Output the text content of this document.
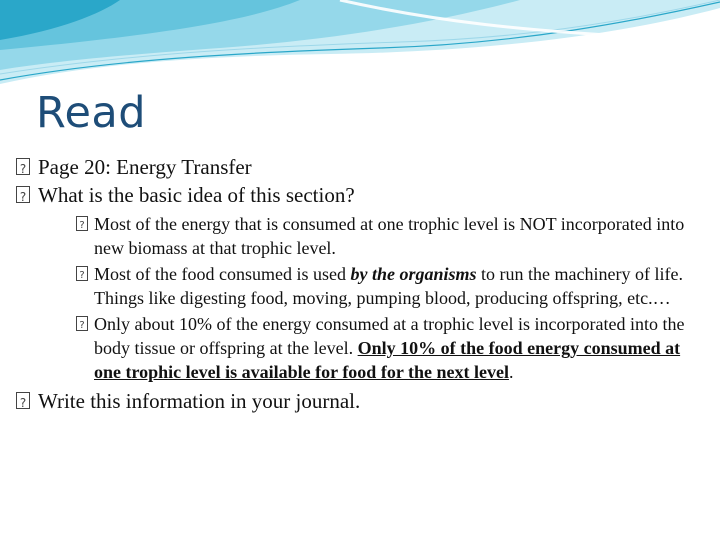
Read
?
Page 20: Energy Transfer
?
What is the basic idea of this section?
?
Most of the energy that is consumed at one trophic level is NOT incorporated into new biomass at that trophic level.
?
Most of the food consumed is used by the organisms to run the machinery of life. Things like digesting food, moving, pumping blood, producing offspring, etc.…
?
Only about 10% of the energy consumed at a trophic level is incorporated into the body tissue or offspring at the level. Only 10% of the food energy consumed at one trophic level is available for food for the next level.
?
Write this information in your journal.
